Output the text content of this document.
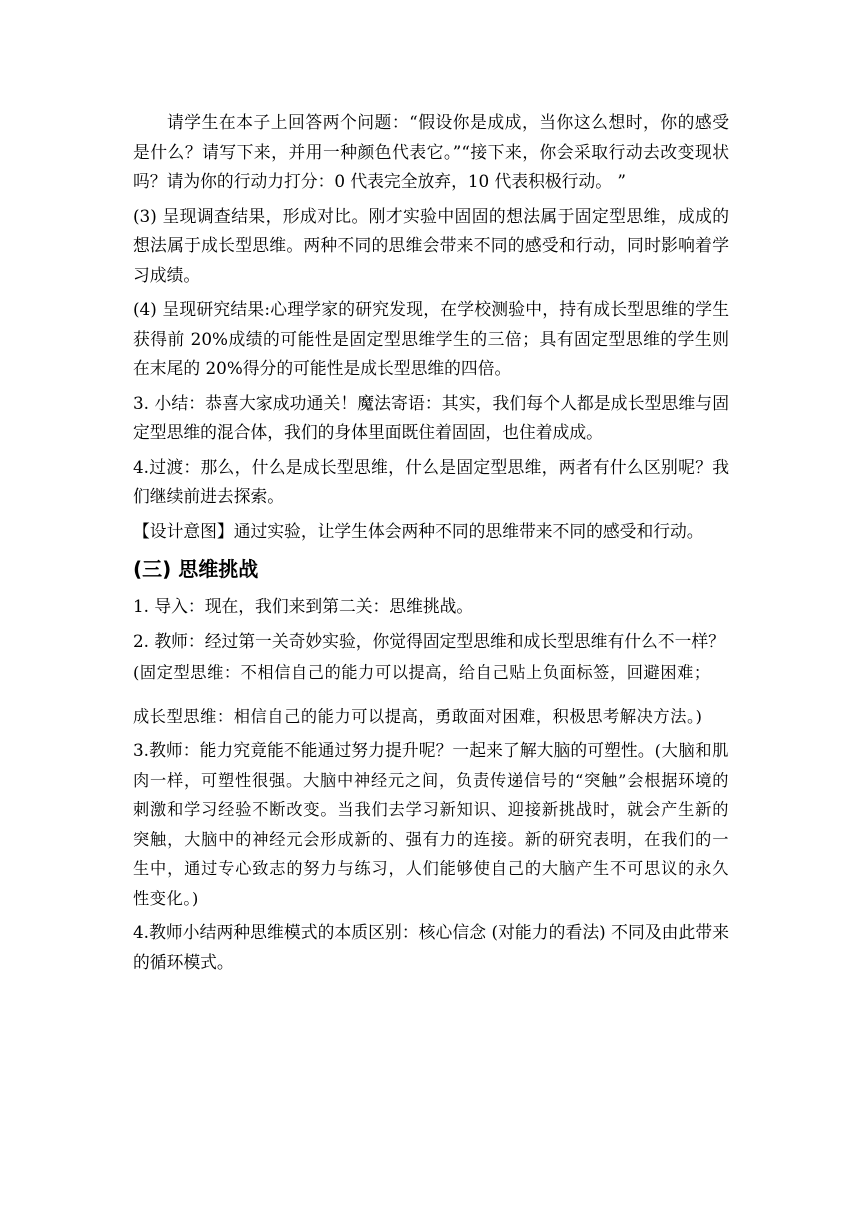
请学生在本子上回答两个问题：“假设你是成成，当你这么想时，你的感受是什么？请写下来，并用一种颜色代表它。”“接下来，你会采取行动去改变现状吗？请为你的行动力打分：0 代表完全放弃，10 代表积极行动。 ”

(3) 呈现调查结果，形成对比。刚才实验中固固的想法属于固定型思维，成成的想法属于成长型思维。两种不同的思维会带来不同的感受和行动，同时影响着学习成绩。

(4) 呈现研究结果:心理学家的研究发现，在学校测验中，持有成长型思维的学生获得前 20%成绩的可能性是固定型思维学生的三倍；具有固定型思维的学生则在末尾的 20%得分的可能性是成长型思维的四倍。

3. 小结：恭喜大家成功通关！魔法寄语：其实，我们每个人都是成长型思维与固定型思维的混合体，我们的身体里面既住着固固，也住着成成。

4.过渡：那么，什么是成长型思维，什么是固定型思维，两者有什么区别呢？我们继续前进去探索。

【设计意图】通过实验，让学生体会两种不同的思维带来不同的感受和行动。

(三) 思维挑战

1. 导入：现在，我们来到第二关：思维挑战。

2. 教师：经过第一关奇妙实验，你觉得固定型思维和成长型思维有什么不一样？

(固定型思维：不相信自己的能力可以提高，给自己贴上负面标签，回避困难；

成长型思维：相信自己的能力可以提高，勇敢面对困难，积极思考解决方法。)

3.教师：能力究竟能不能通过努力提升呢？一起来了解大脑的可塑性。(大脑和肌肉一样，可塑性很强。大脑中神经元之间，负责传递信号的“突触”会根据环境的刺激和学习经验不断改变。当我们去学习新知识、迎接新挑战时，就会产生新的突触，大脑中的神经元会形成新的、强有力的连接。新的研究表明，在我们的一生中，通过专心致志的努力与练习，人们能够使自己的大脑产生不可思议的永久性变化。)

4.教师小结两种思维模式的本质区别：核心信念 (对能力的看法) 不同及由此带来的循环模式。
